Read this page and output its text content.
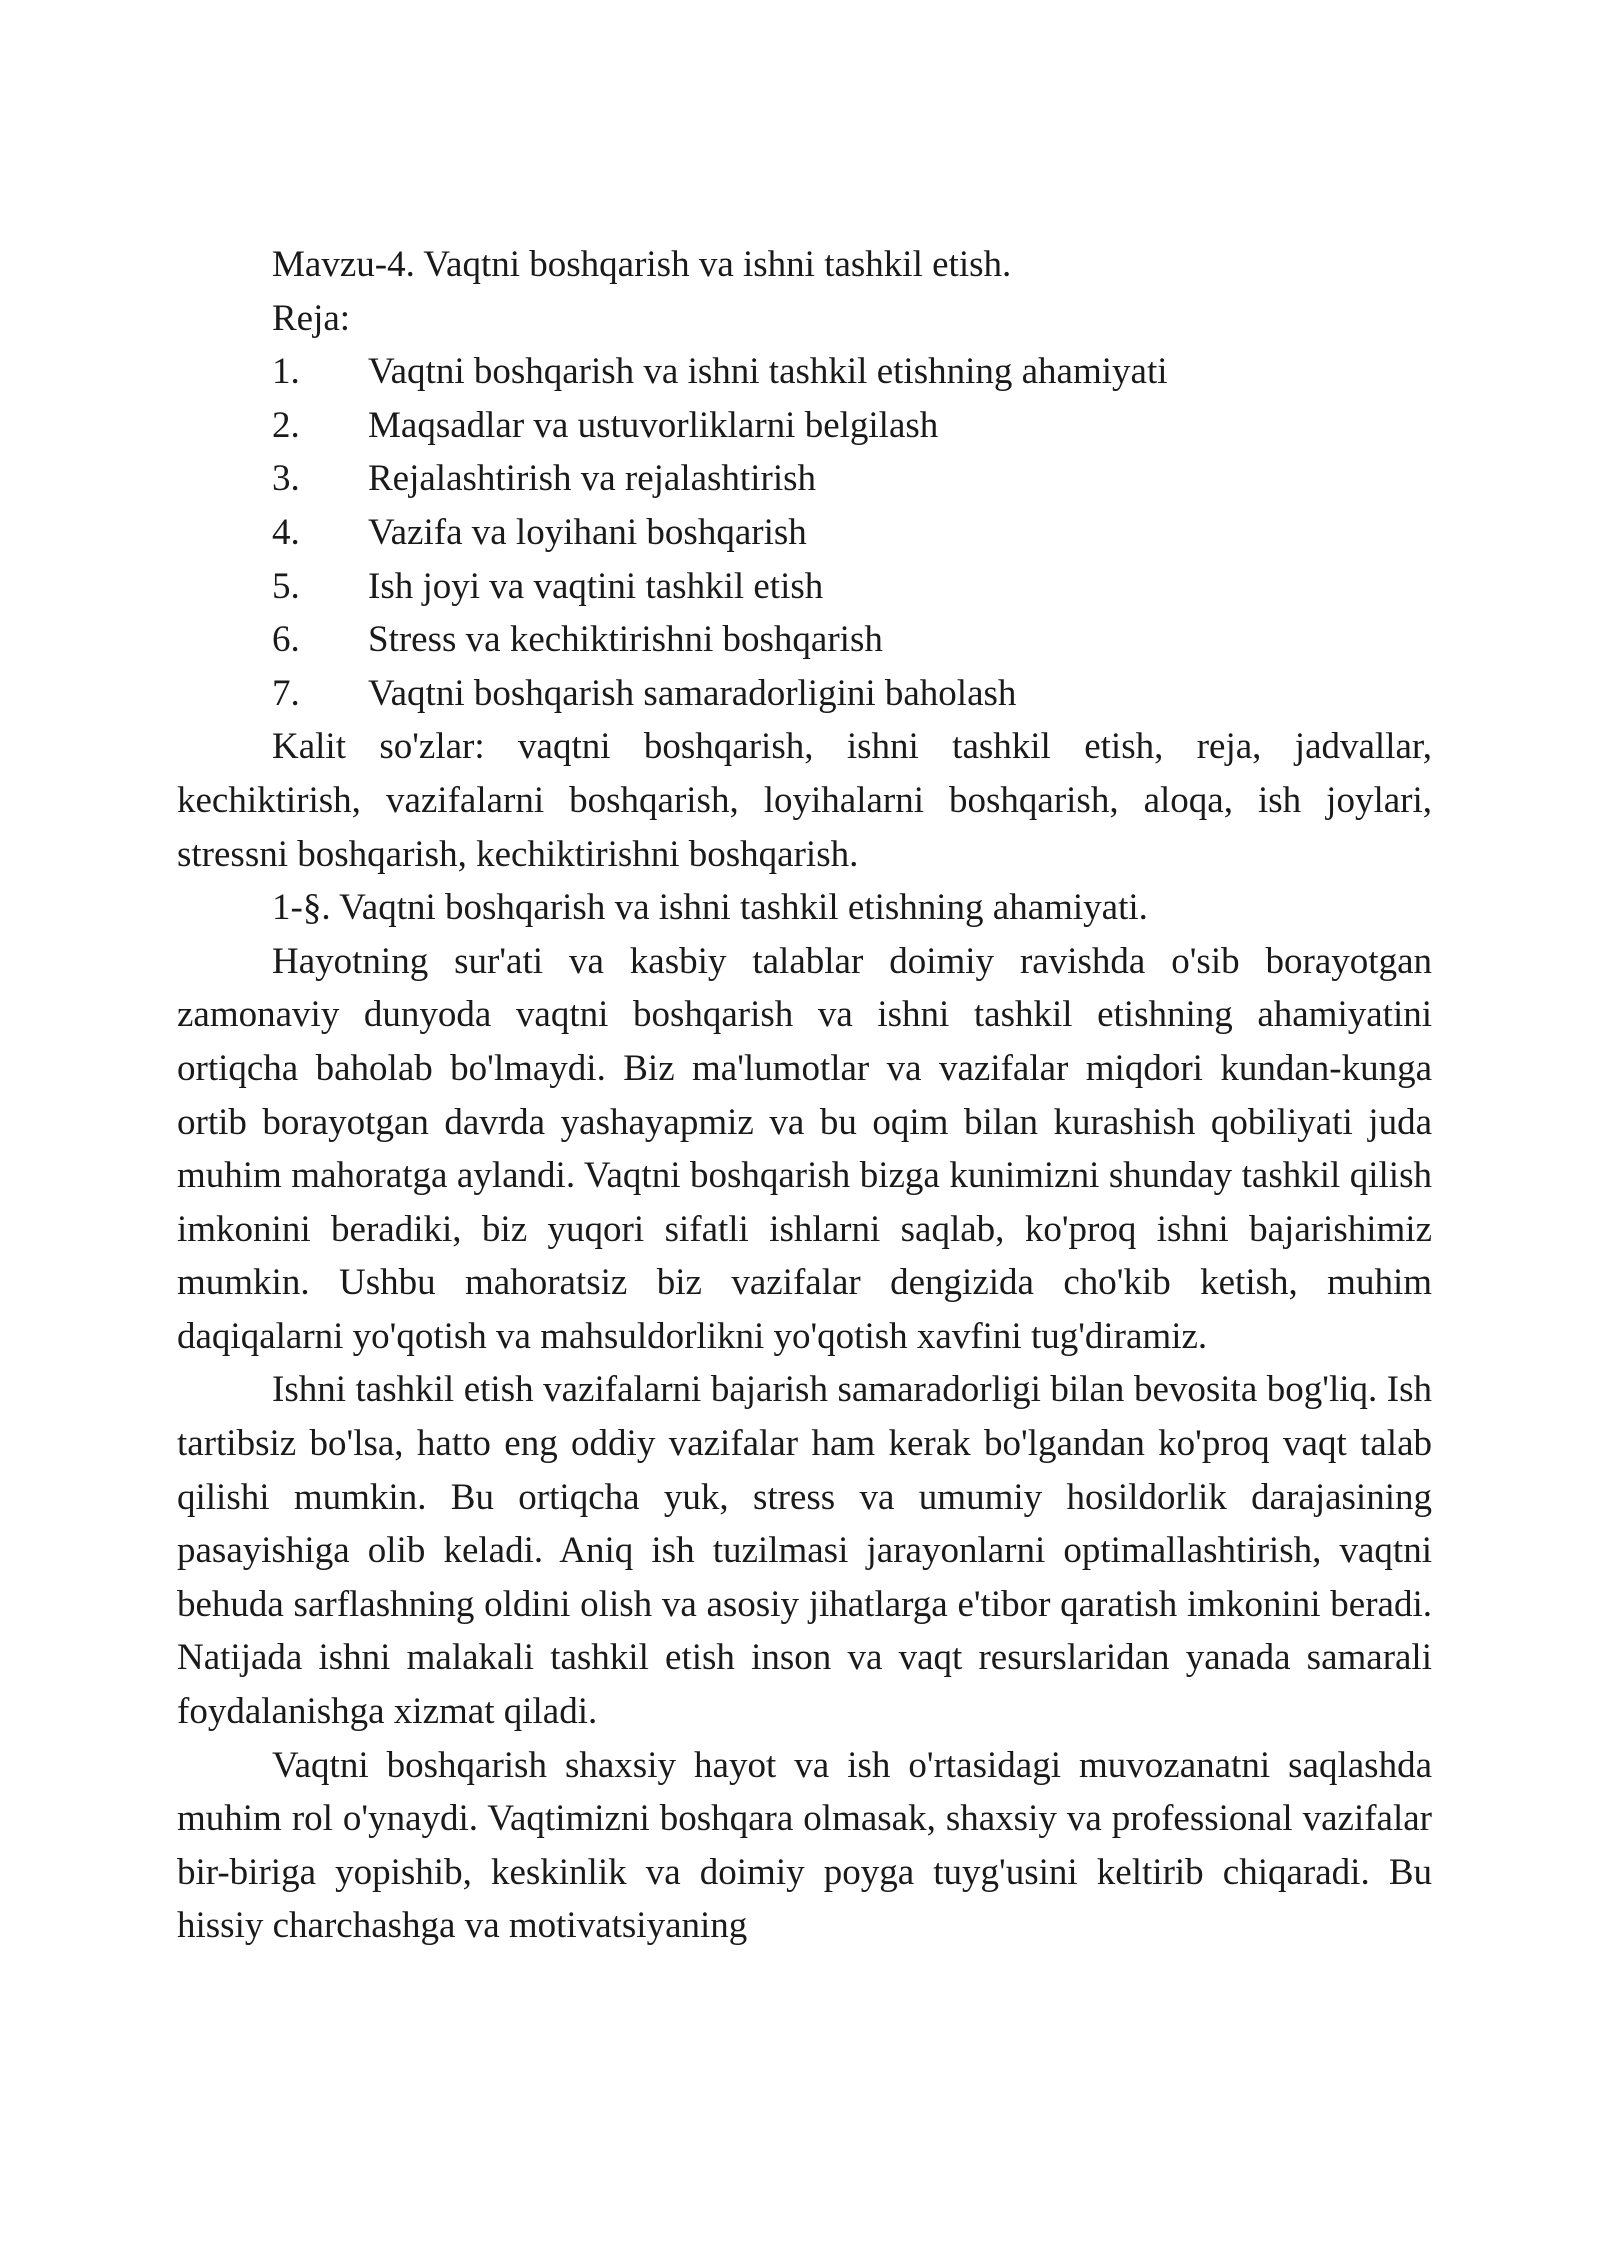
Mavzu-4. Vaqtni boshqarish va ishni tashkil etish.

Reja:

1. Vaqtni boshqarish va ishni tashkil etishning ahamiyati
2. Maqsadlar va ustuvorliklarni belgilash
3. Rejalashtirish va rejalashtirish
4. Vazifa va loyihani boshqarish
5. Ish joyi va vaqtini tashkil etish
6. Stress va kechiktirishni boshqarish
7. Vaqtni boshqarish samaradorligini baholash

Kalit so'zlar: vaqtni boshqarish, ishni tashkil etish, reja, jadvallar, kechiktirish, vazifalarni boshqarish, loyihalarni boshqarish, aloqa, ish joylari, stressni boshqarish, kechiktirishni boshqarish.

1-§. Vaqtni boshqarish va ishni tashkil etishning ahamiyati.

Hayotning sur'ati va kasbiy talablar doimiy ravishda o'sib borayotgan zamonaviy dunyoda vaqtni boshqarish va ishni tashkil etishning ahamiyatini ortiqcha baholab bo'lmaydi. Biz ma'lumotlar va vazifalar miqdori kundan-kunga ortib borayotgan davrda yashayapmiz va bu oqim bilan kurashish qobiliyati juda muhim mahoratga aylandi. Vaqtni boshqarish bizga kunimizni shunday tashkil qilish imkonini beradiki, biz yuqori sifatli ishlarni saqlab, ko'proq ishni bajarishimiz mumkin. Ushbu mahoratsiz biz vazifalar dengizida cho'kib ketish, muhim daqiqalarni yo'qotish va mahsuldorlikni yo'qotish xavfini tug'diramiz.

Ishni tashkil etish vazifalarni bajarish samaradorligi bilan bevosita bog'liq. Ish tartibsiz bo'lsa, hatto eng oddiy vazifalar ham kerak bo'lgandan ko'proq vaqt talab qilishi mumkin. Bu ortiqcha yuk, stress va umumiy hosildorlik darajasining pasayishiga olib keladi. Aniq ish tuzilmasi jarayonlarni optimallashtirish, vaqtni behuda sarflashning oldini olish va asosiy jihatlarga e'tibor qaratish imkonini beradi. Natijada ishni malakali tashkil etish inson va vaqt resurslaridan yanada samarali foydalanishga xizmat qiladi.

Vaqtni boshqarish shaxsiy hayot va ish o'rtasidagi muvozanatni saqlashda muhim rol o'ynaydi. Vaqtimizni boshqara olmasak, shaxsiy va professional vazifalar bir-biriga yopishib, keskinlik va doimiy poyga tuyg'usini keltirib chiqaradi. Bu hissiy charchashga va motivatsiyaning
